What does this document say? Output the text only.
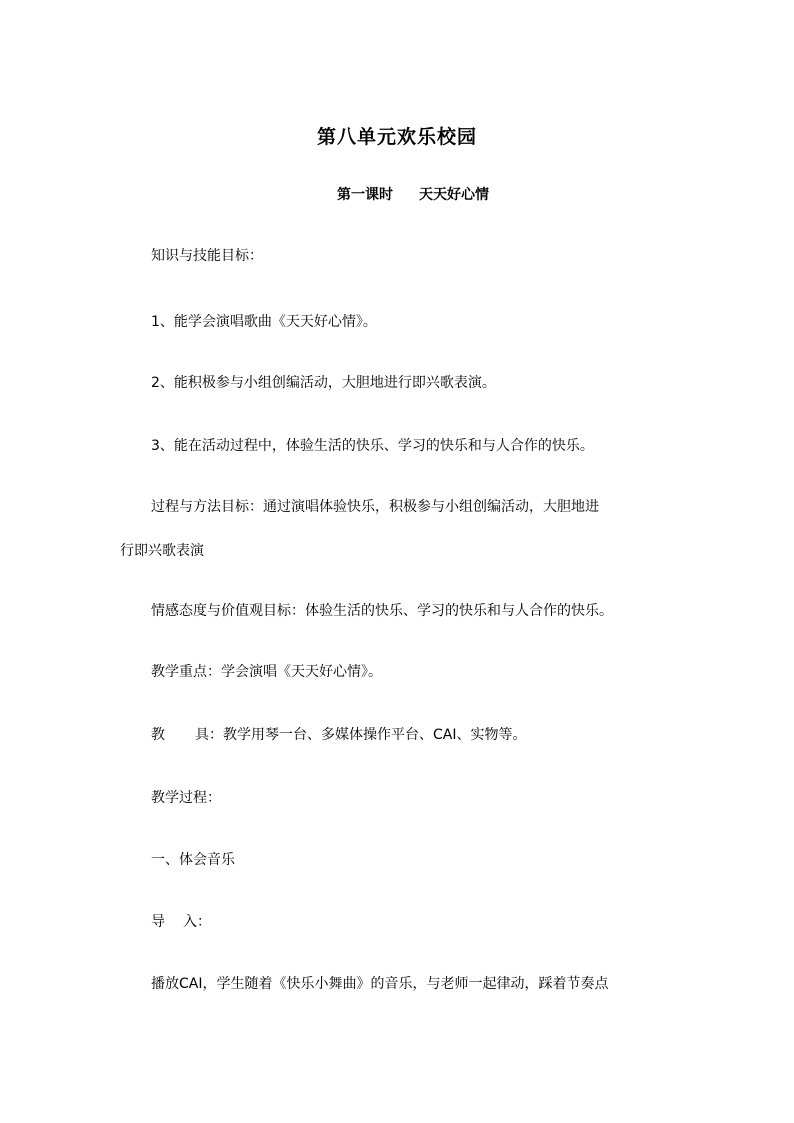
第八单元欢乐校园
第一课时 天天好心情
知识与技能目标：
1、能学会演唱歌曲《天天好心情》。
2、能积极参与小组创编活动，大胆地进行即兴歌表演。
3、能在活动过程中，体验生活的快乐、学习的快乐和与人合作的快乐。
过程与方法目标：通过演唱体验快乐，积极参与小组创编活动，大胆地进
行即兴歌表演
情感态度与价值观目标：体验生活的快乐、学习的快乐和与人合作的快乐。
教学重点：学会演唱《天天好心情》。
教 具：教学用琴一台、多媒体操作平台、CAI、实物等。
教学过程：
一、体会音乐
导 入：
播放CAI，学生随着《快乐小舞曲》的音乐，与老师一起律动，踩着节奏点
